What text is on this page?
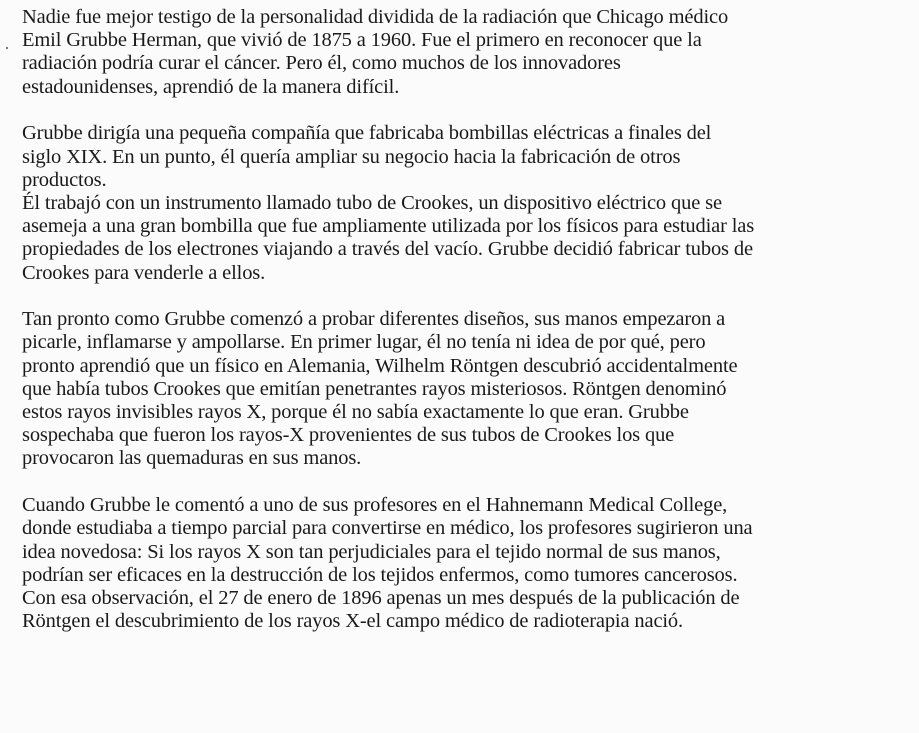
Nadie fue mejor testigo de la personalidad dividida de la radiación que Chicago médico
Emil Grubbe Herman, que vivió de 1875 a 1960. Fue el primero en reconocer que la
radiación podría curar el cáncer. Pero él, como muchos de los innovadores
estadounidenses, aprendió de la manera difícil.
Grubbe dirigía una pequeña compañía que fabricaba bombillas eléctricas a finales del
siglo XIX. En un punto, él quería ampliar su negocio hacia la fabricación de otros
productos.
Él trabajó con un instrumento llamado tubo de Crookes, un dispositivo eléctrico que se
asemeja a una gran bombilla que fue ampliamente utilizada por los físicos para estudiar las
propiedades de los electrones viajando a través del vacío. Grubbe decidió fabricar tubos de
Crookes para venderle a ellos.
Tan pronto como Grubbe comenzó a probar diferentes diseños, sus manos empezaron a
picarle, inflamarse y ampollarse. En primer lugar, él no tenía ni idea de por qué, pero
pronto aprendió que un físico en Alemania, Wilhelm Röntgen descubrió accidentalmente
que había tubos Crookes que emitían penetrantes rayos misteriosos. Röntgen denominó
estos rayos invisibles rayos X, porque él no sabía exactamente lo que eran. Grubbe
sospechaba que fueron los rayos-X provenientes de sus tubos de Crookes los que
provocaron las quemaduras en sus manos.
Cuando Grubbe le comentó a uno de sus profesores en el Hahnemann Medical College,
donde estudiaba a tiempo parcial para convertirse en médico, los profesores sugirieron una
idea novedosa: Si los rayos X son tan perjudiciales para el tejido normal de sus manos,
podrían ser eficaces en la destrucción de los tejidos enfermos, como tumores cancerosos.
Con esa observación, el 27 de enero de 1896 apenas un mes después de la publicación de
Röntgen el descubrimiento de los rayos X-el campo médico de radioterapia nació.
